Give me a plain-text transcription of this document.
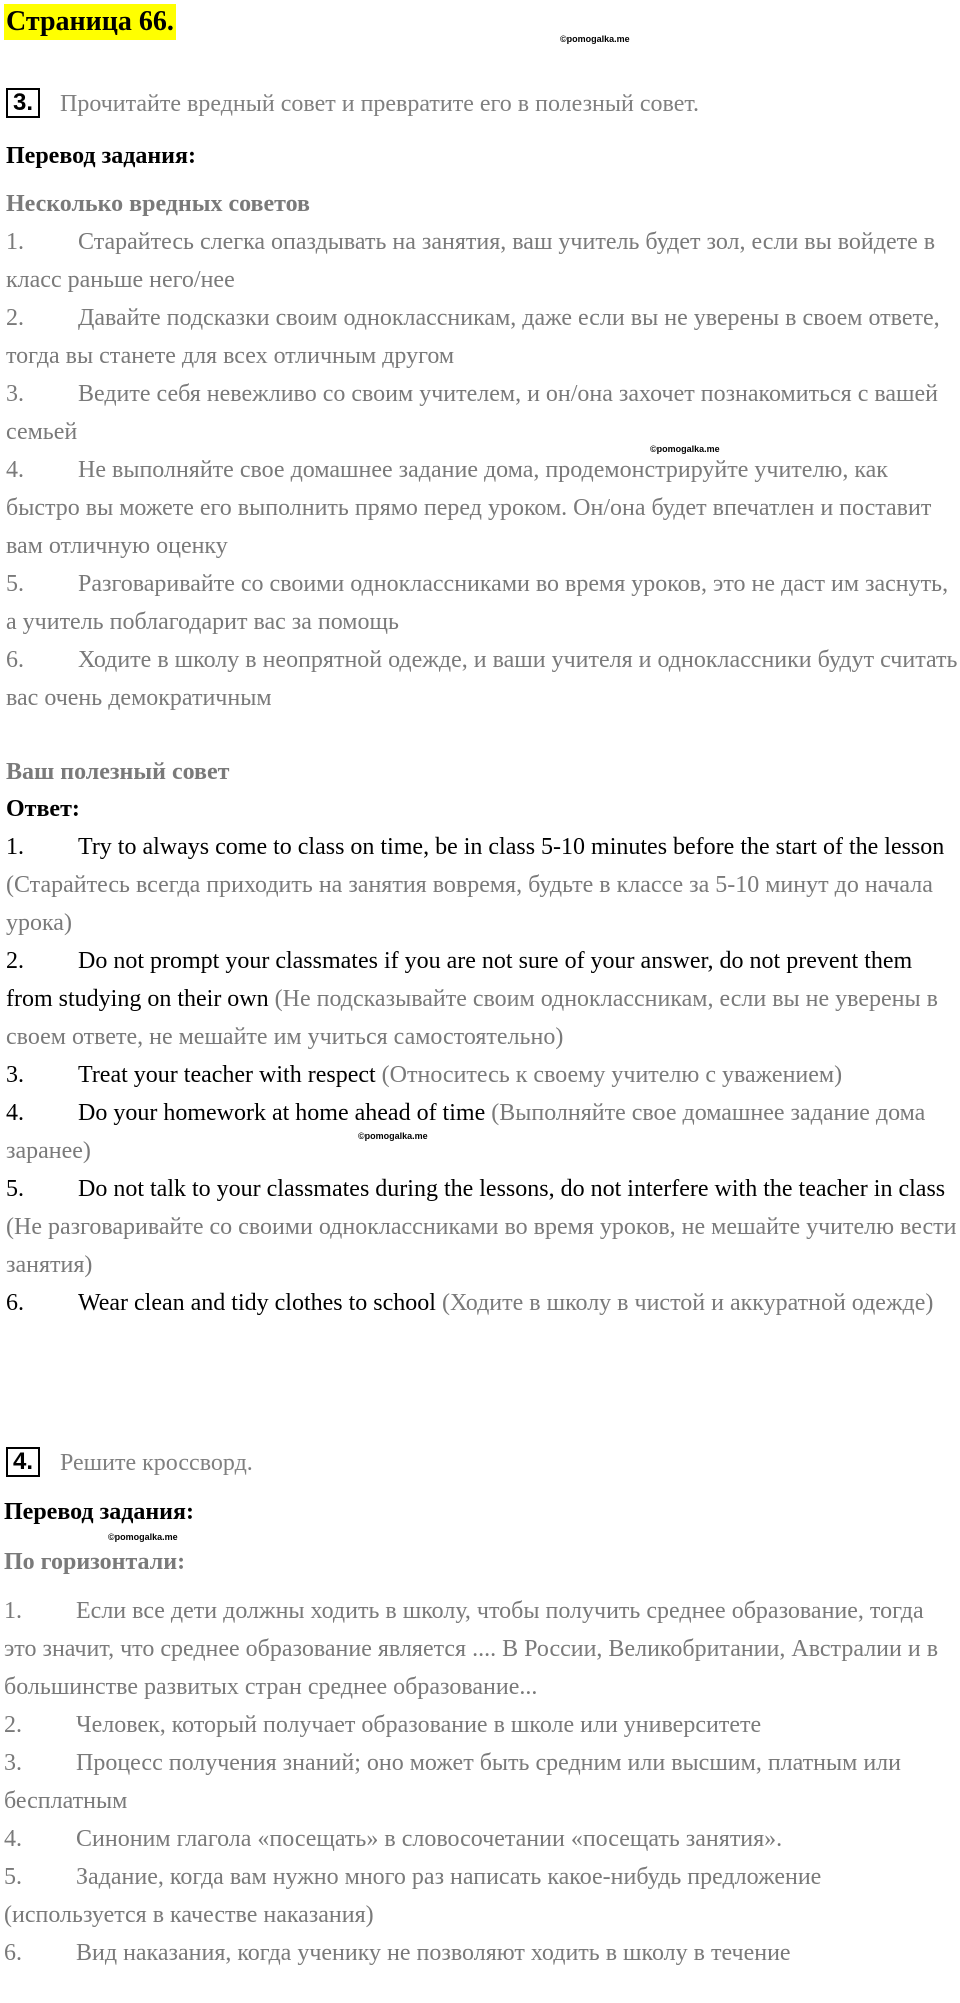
Страница 66.
©pomogalka.me
3. Прочитайте вредный совет и превратите его в полезный совет.
Перевод задания:
Несколько вредных советов
1. Старайтесь слегка опаздывать на занятия, ваш учитель будет зол, если вы войдете в класс раньше него/нее
2. Давайте подсказки своим одноклассникам, даже если вы не уверены в своем ответе, тогда вы станете для всех отличным другом
3. Ведите себя невежливо со своим учителем, и он/она захочет познакомиться с вашей семьей
4. Не выполняйте свое домашнее задание дома, продемонстрируйте учителю, как быстро вы можете его выполнить прямо перед уроком. Он/она будет впечатлен и поставит вам отличную оценку
5. Разговаривайте со своими одноклассниками во время уроков, это не даст им заснуть, а учитель поблагодарит вас за помощь
6. Ходите в школу в неопрятной одежде, и ваши учителя и одноклассники будут считать вас очень демократичным
©pomogalka.me
Ваш полезный совет
Ответ:
1. Try to always come to class on time, be in class 5-10 minutes before the start of the lesson (Старайтесь всегда приходить на занятия вовремя, будьте в классе за 5-10 минут до начала урока)
2. Do not prompt your classmates if you are not sure of your answer, do not prevent them from studying on their own (Не подсказывайте своим одноклассникам, если вы не уверены в своем ответе, не мешайте им учиться самостоятельно)
3. Treat your teacher with respect (Относитесь к своему учителю с уважением)
4. Do your homework at home ahead of time (Выполняйте свое домашнее задание дома заранее)
5. Do not talk to your classmates during the lessons, do not interfere with the teacher in class (Не разговаривайте со своими одноклассниками во время уроков, не мешайте учителю вести занятия)
6. Wear clean and tidy clothes to school (Ходите в школу в чистой и аккуратной одежде)
©pomogalka.me
4. Решите кроссворд.
Перевод задания:
©pomogalka.me
По горизонтали:
1. Если все дети должны ходить в школу, чтобы получить среднее образование, тогда это значит, что среднее образование является .... В России, Великобритании, Австралии и в большинстве развитых стран среднее образование...
2. Человек, который получает образование в школе или университете
3. Процесс получения знаний; оно может быть средним или высшим, платным или бесплатным
4. Синоним глагола «посещать» в словосочетании «посещать занятия».
5. Задание, когда вам нужно много раз написать какое-нибудь предложение (используется в качестве наказания)
6. Вид наказания, когда ученику не позволяют ходить в школу в течение
